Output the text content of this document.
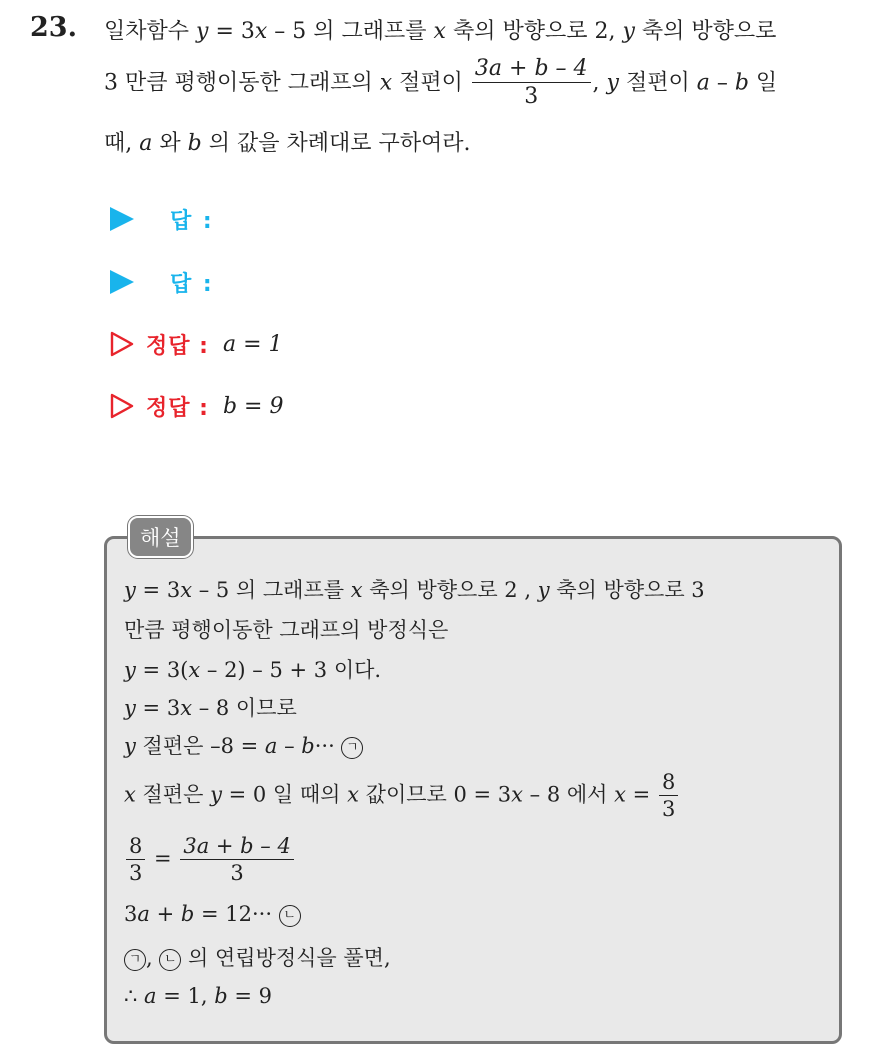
23. 일차함수 y = 3x – 5 의 그래프를 x 축의 방향으로 2, y 축의 방향으로
3 만큼 평행이동한 그래프의 x 절편이 $\frac{3a + b - 4}{3}$ , y 절편이 a – b 일
때, a 와 b 의 값을 차례대로 구하여라.
답 :
답 :
정답 : a = 1
정답 : b = 9
해설
y = 3x – 5 의 그래프를 x 축의 방향으로 2 , y 축의 방향으로 3
만큼 평행이동한 그래프의 방정식은
y = 3(x – 2) – 5 + 3 이다.
y = 3x – 8 이므로
y 절편은 –8 = a – b··· ㄱ
x 절편은 y = 0 일 때의 x 값이므로 0 = 3x – 8 에서 $x = \frac{8}{3}$
$\frac{8}{3} = \frac{3a + b - 4}{3}$
3a + b = 12··· ㄴ
ㄱ , ㄴ 의 연립방정식을 풀면,
∴ a = 1, b = 9
